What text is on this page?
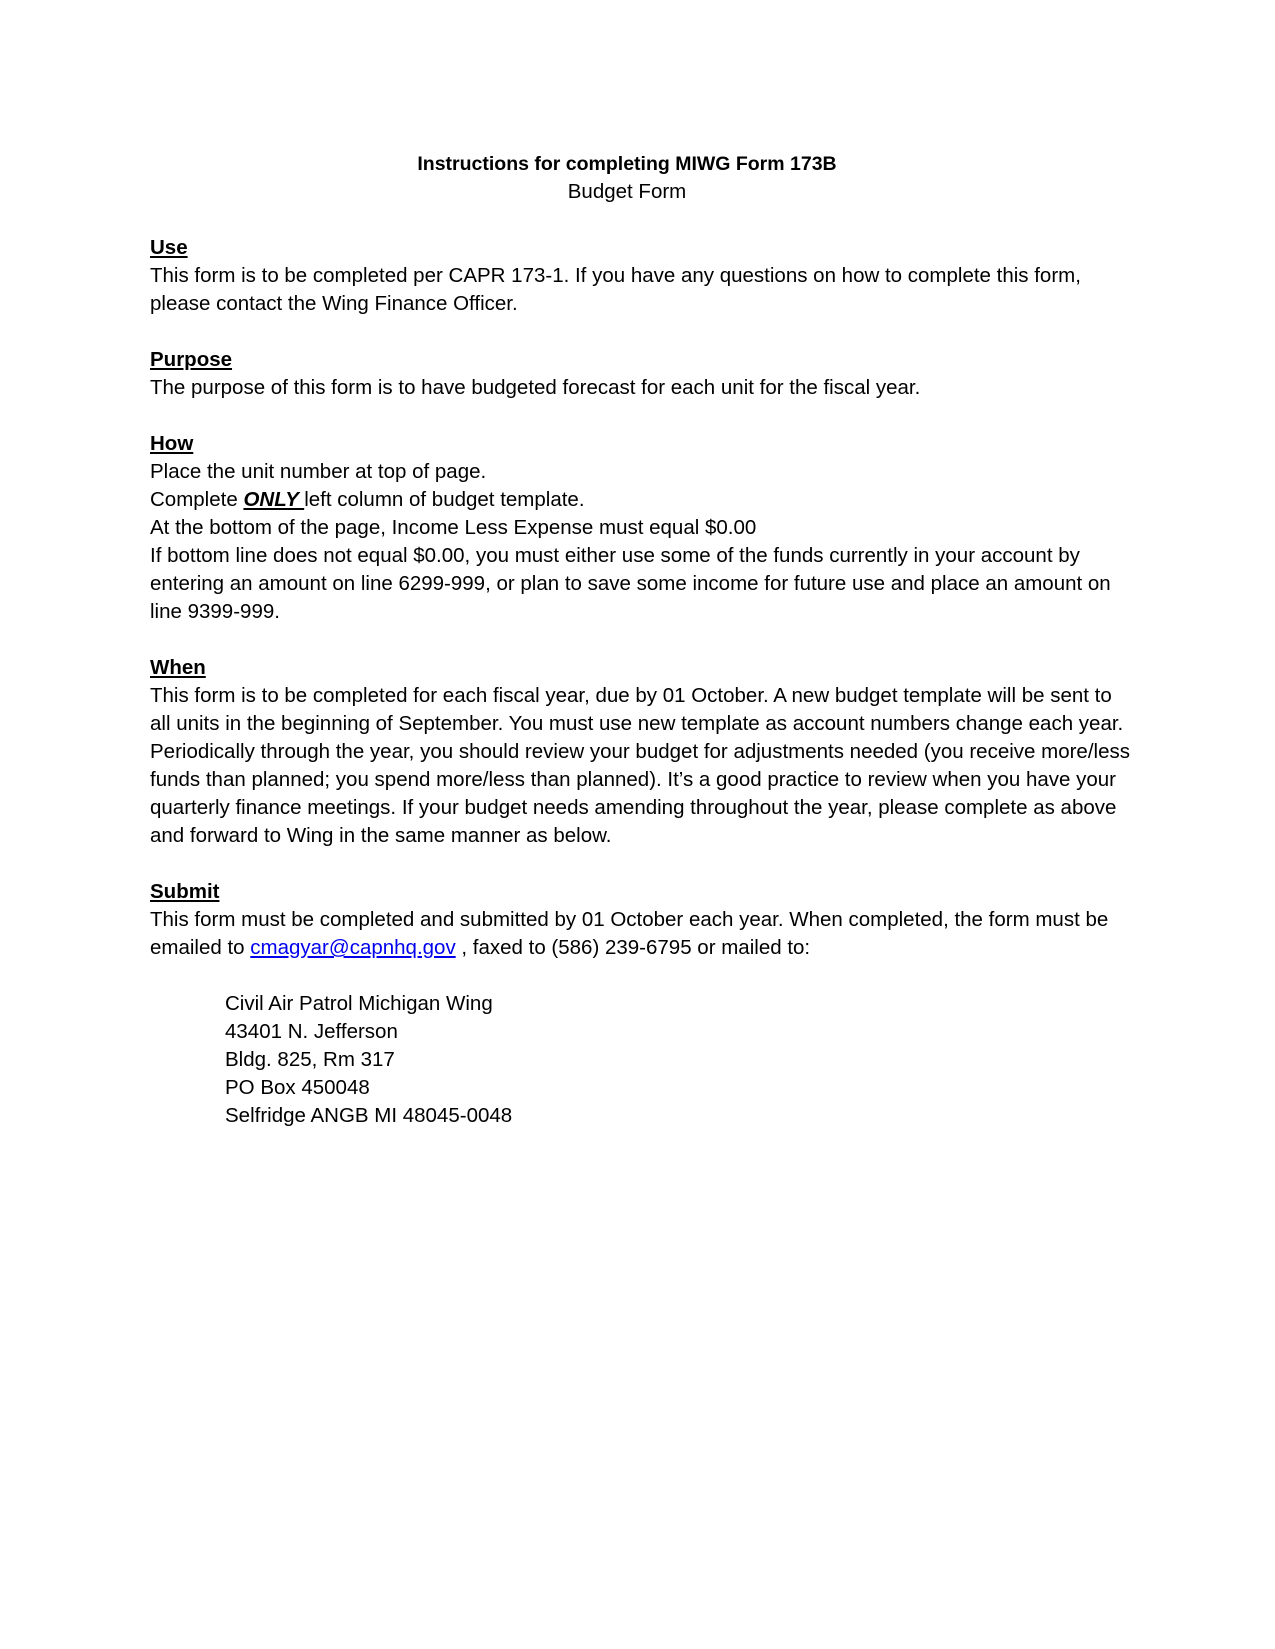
Instructions for completing MIWG Form 173B
Budget Form
Use

This form is to be completed per CAPR 173-1. If you have any questions on how to complete this form, please contact the Wing Finance Officer.

Purpose

The purpose of this form is to have budgeted forecast for each unit for the fiscal year.

How

Place the unit number at top of page.

Complete ONLY left column of budget template.

At the bottom of the page, Income Less Expense must equal $0.00

If bottom line does not equal $0.00, you must either use some of the funds currently in your account by entering an amount on line 6299-999, or plan to save some income for future use and place an amount on line 9399-999.

When

This form is to be completed for each fiscal year, due by 01 October. A new budget template will be sent to all units in the beginning of September. You must use new template as account numbers change each year. Periodically through the year, you should review your budget for adjustments needed (you receive more/less funds than planned; you spend more/less than planned). It’s a good practice to review when you have your quarterly finance meetings. If your budget needs amending throughout the year, please complete as above and forward to Wing in the same manner as below.

Submit

This form must be completed and submitted by 01 October each year. When completed, the form must be emailed to cmagyar@capnhq.gov , faxed to (586) 239-6795 or mailed to:

Civil Air Patrol Michigan Wing
43401 N. Jefferson
Bldg. 825, Rm 317
PO Box 450048
Selfridge ANGB MI 48045-0048
